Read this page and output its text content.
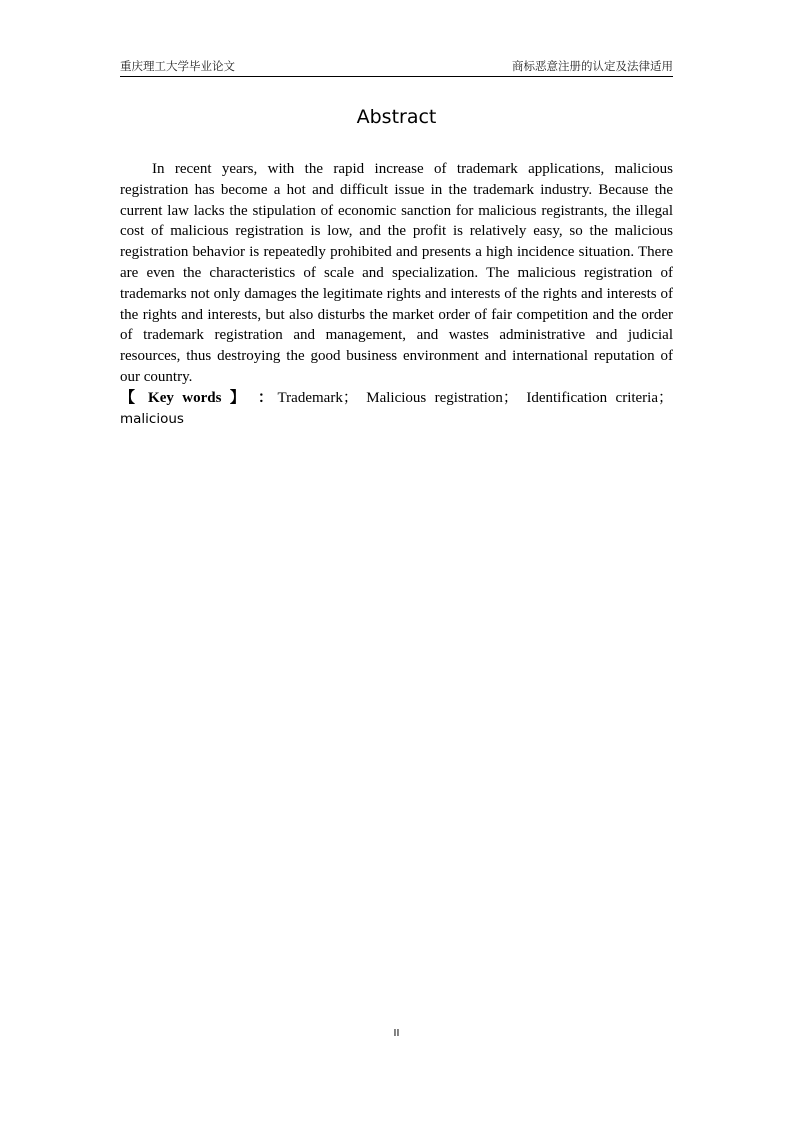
重庆理工大学毕业论文	商标恶意注册的认定及法律适用
Abstract

In recent years, with the rapid increase of trademark applications, malicious registration has become a hot and difficult issue in the trademark industry. Because the current law lacks the stipulation of economic sanction for malicious registrants, the illegal cost of malicious registration is low, and the profit is relatively easy, so the malicious registration behavior is repeatedly prohibited and presents a high incidence situation. There are even the characteristics of scale and specialization. The malicious registration of trademarks not only damages the legitimate rights and interests of the rights and interests of the rights and interests, but also disturbs the market order of fair competition and the order of trademark registration and management, and wastes administrative and judicial resources, thus destroying the good business environment and international reputation of our country.

【 Key words 】 ：Trademark； Malicious registration； Identification criteria； malicious

II
